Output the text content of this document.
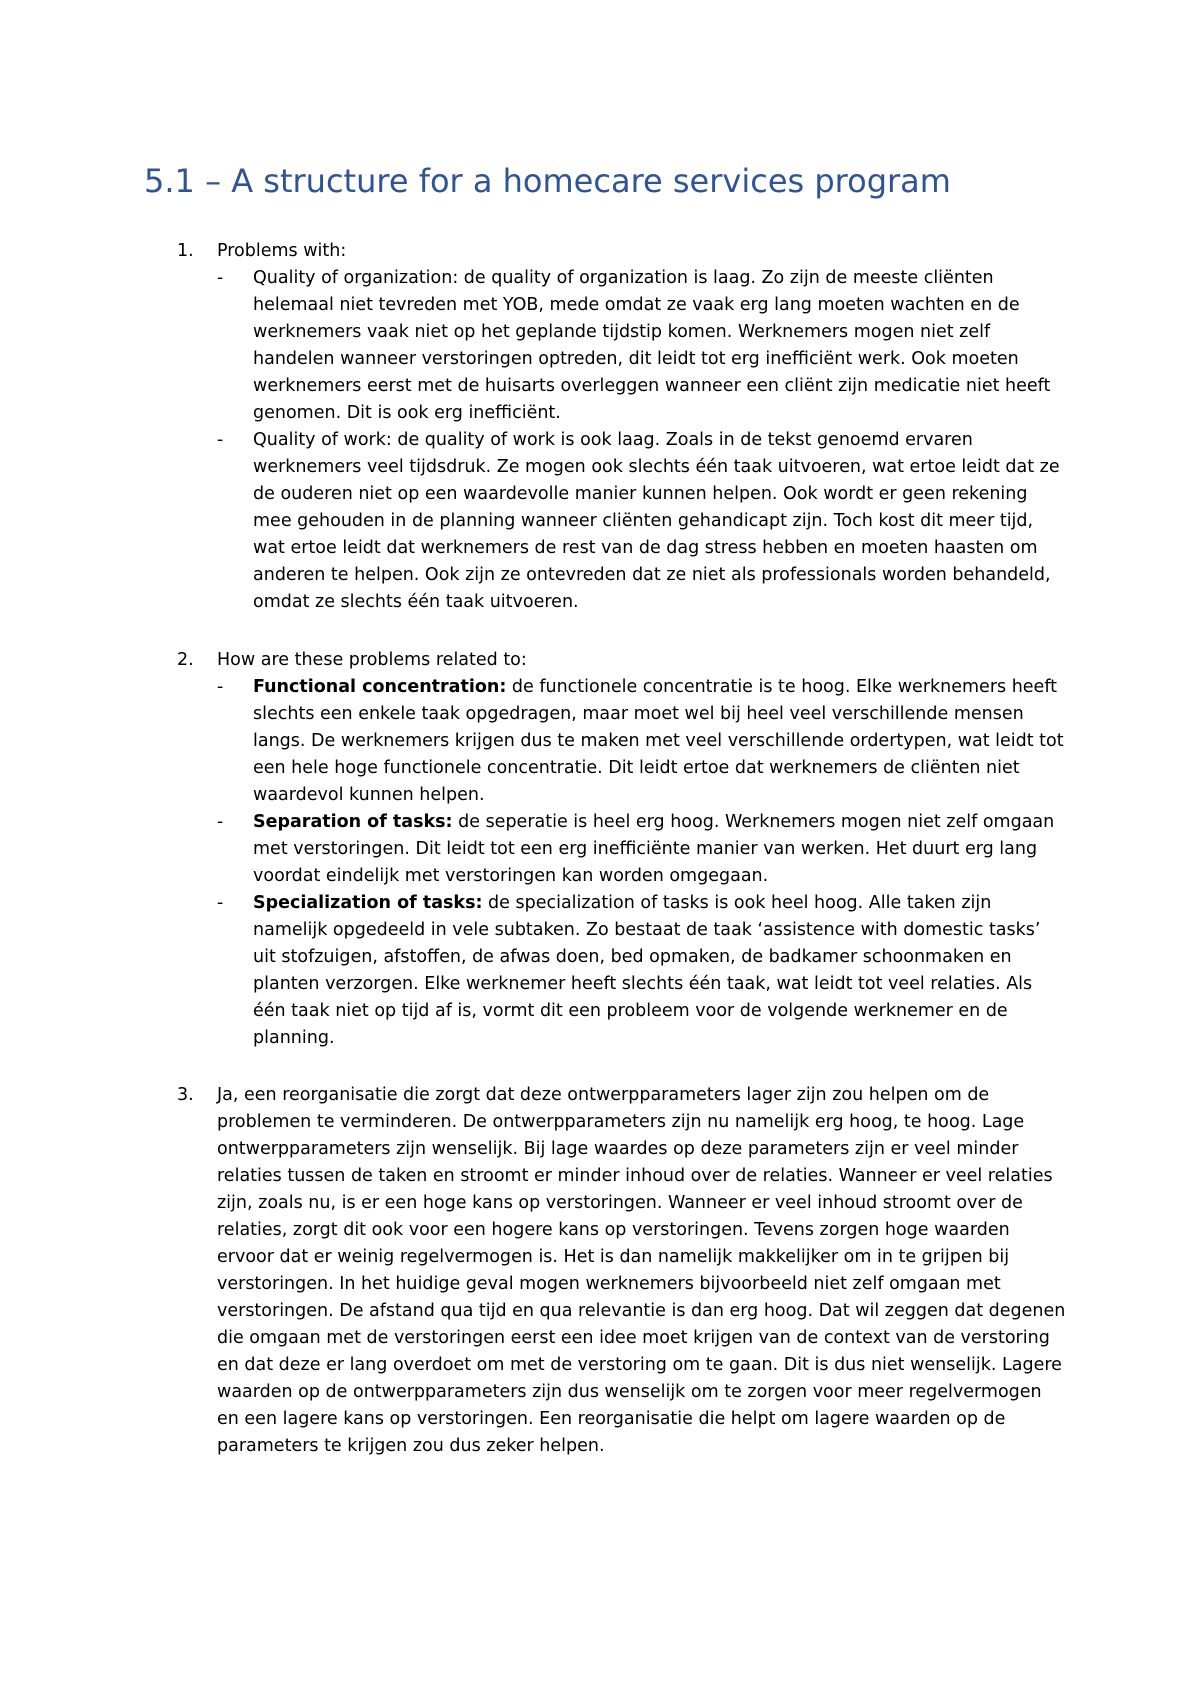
5.1 – A structure for a homecare services program
1.	Problems with:
-	Quality of organization: de quality of organization is laag. Zo zijn de meeste cliënten helemaal niet tevreden met YOB, mede omdat ze vaak erg lang moeten wachten en de werknemers vaak niet op het geplande tijdstip komen. Werknemers mogen niet zelf handelen wanneer verstoringen optreden, dit leidt tot erg inefficiënt werk. Ook moeten werknemers eerst met de huisarts overleggen wanneer een cliënt zijn medicatie niet heeft genomen. Dit is ook erg inefficiënt.
-	Quality of work: de quality of work is ook laag. Zoals in de tekst genoemd ervaren werknemers veel tijdsdruk. Ze mogen ook slechts één taak uitvoeren, wat ertoe leidt dat ze de ouderen niet op een waardevolle manier kunnen helpen. Ook wordt er geen rekening mee gehouden in de planning wanneer cliënten gehandicapt zijn. Toch kost dit meer tijd, wat ertoe leidt dat werknemers de rest van de dag stress hebben en moeten haasten om anderen te helpen. Ook zijn ze ontevreden dat ze niet als professionals worden behandeld, omdat ze slechts één taak uitvoeren.
2.	How are these problems related to:
-	Functional concentration: de functionele concentratie is te hoog. Elke werknemers heeft slechts een enkele taak opgedragen, maar moet wel bij heel veel verschillende mensen langs. De werknemers krijgen dus te maken met veel verschillende ordertypen, wat leidt tot een hele hoge functionele concentratie. Dit leidt ertoe dat werknemers de cliënten niet waardevol kunnen helpen.
-	Separation of tasks: de seperatie is heel erg hoog. Werknemers mogen niet zelf omgaan met verstoringen. Dit leidt tot een erg inefficiënte manier van werken. Het duurt erg lang voordat eindelijk met verstoringen kan worden omgegaan.
-	Specialization of tasks: de specialization of tasks is ook heel hoog. Alle taken zijn namelijk opgedeeld in vele subtaken. Zo bestaat de taak ‘assistence with domestic tasks’ uit stofzuigen, afstoffen, de afwas doen, bed opmaken, de badkamer schoonmaken en planten verzorgen. Elke werknemer heeft slechts één taak, wat leidt tot veel relaties. Als één taak niet op tijd af is, vormt dit een probleem voor de volgende werknemer en de planning.
3.	Ja, een reorganisatie die zorgt dat deze ontwerpparameters lager zijn zou helpen om de problemen te verminderen. De ontwerpparameters zijn nu namelijk erg hoog, te hoog. Lage ontwerpparameters zijn wenselijk. Bij lage waardes op deze parameters zijn er veel minder relaties tussen de taken en stroomt er minder inhoud over de relaties. Wanneer er veel relaties zijn, zoals nu, is er een hoge kans op verstoringen. Wanneer er veel inhoud stroomt over de relaties, zorgt dit ook voor een hogere kans op verstoringen. Tevens zorgen hoge waarden ervoor dat er weinig regelvermogen is. Het is dan namelijk makkelijker om in te grijpen bij verstoringen. In het huidige geval mogen werknemers bijvoorbeeld niet zelf omgaan met verstoringen. De afstand qua tijd en qua relevantie is dan erg hoog. Dat wil zeggen dat degenen die omgaan met de verstoringen eerst een idee moet krijgen van de context van de verstoring en dat deze er lang overdoet om met de verstoring om te gaan. Dit is dus niet wenselijk. Lagere waarden op de ontwerpparameters zijn dus wenselijk om te zorgen voor meer regelvermogen en een lagere kans op verstoringen. Een reorganisatie die helpt om lagere waarden op de parameters te krijgen zou dus zeker helpen.
